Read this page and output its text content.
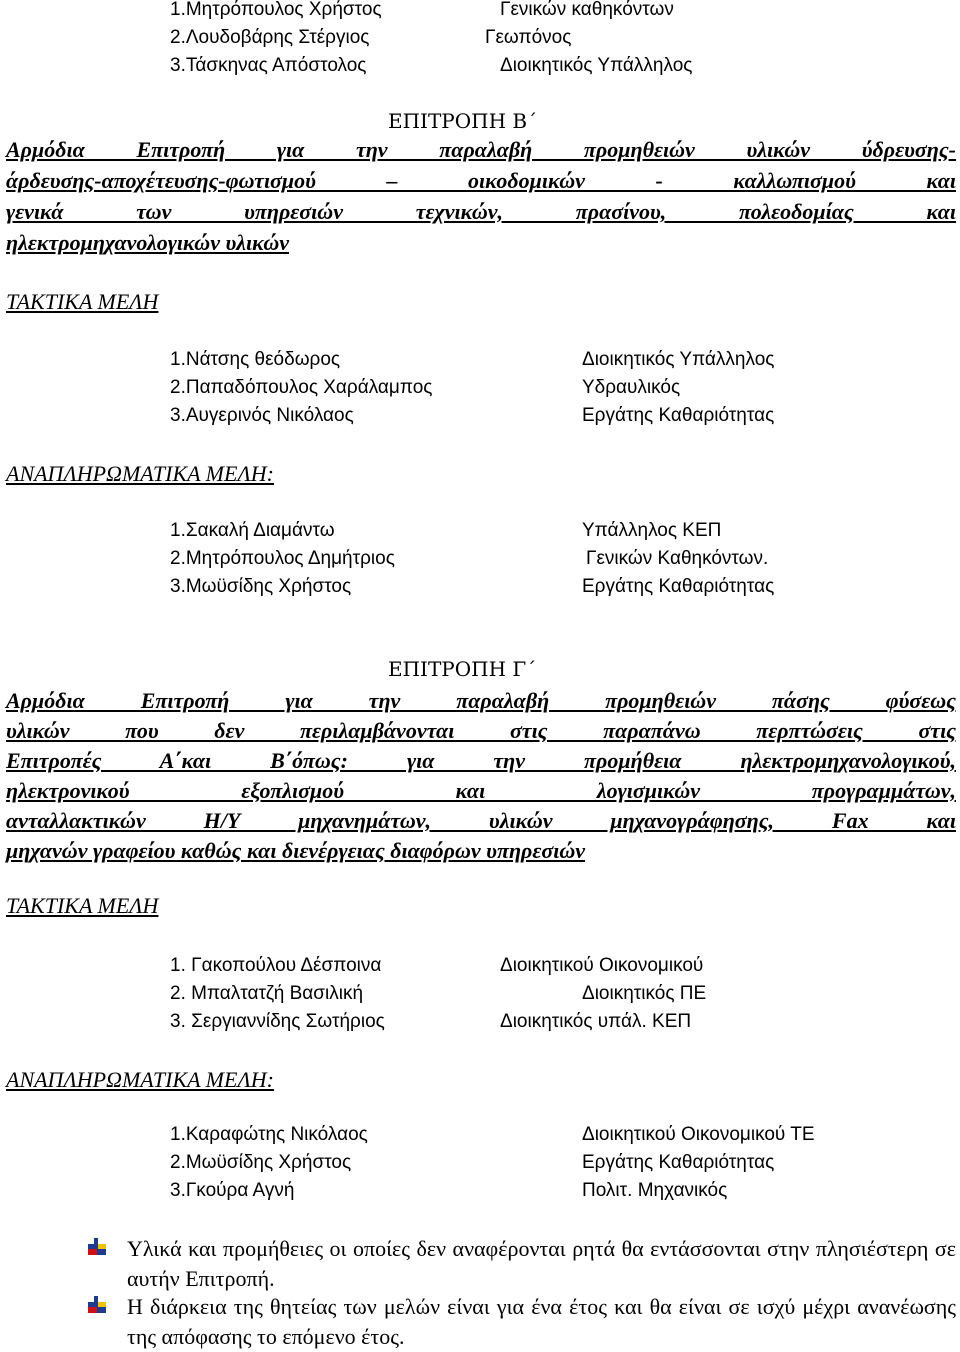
1.Μητρόπουλος Χρήστος	Γενικών καθηκόντων
2.Λουδοβάρης Στέργιος	Γεωπόνος
3.Τάσκηνας Απόστολος	Διοικητικός Υπάλληλος
ΕΠΙΤΡΟΠΗ Β΄
Αρμόδια Επιτροπή για την παραλαβή προμηθειών υλικών ύδρευσης-
άρδευσης-αποχέτευσης-φωτισμού – οικοδομικών - καλλωπισμού και
γενικά των υπηρεσιών τεχνικών, πρασίνου, πολεοδομίας και
ηλεκτρομηχανολογικών υλικών
ΤΑΚΤΙΚΑ ΜΕΛΗ
1.Νάτσης θεόδωρος	Διοικητικός Υπάλληλος
2.Παπαδόπουλος Χαράλαμπος	Υδραυλικός
3.Αυγερινός Νικόλαος	Εργάτης Καθαριότητας
ΑΝΑΠΛΗΡΩΜΑΤΙΚΑ ΜΕΛΗ:
1.Σακαλή Διαμάντω	Υπάλληλος ΚΕΠ
2.Μητρόπουλος Δημήτριος	Γενικών Καθηκόντων.
3.Μωϋσίδης Χρήστος	Εργάτης Καθαριότητας
ΕΠΙΤΡΟΠΗ Γ΄
Αρμόδια Επιτροπή για την παραλαβή προμηθειών πάσης φύσεως
υλικών που δεν περιλαμβάνονται στις παραπάνω περπτώσεις στις
Επιτροπές Α΄και Β΄όπως: για την προμήθεια ηλεκτρομηχανολογικού,
ηλεκτρονικού εξοπλισμού και λογισμικών προγραμμάτων,
ανταλλακτικών Η/Υ μηχανημάτων, υλικών μηχανογράφησης, Fax και
μηχανών γραφείου καθώς και διενέργειας διαφόρων υπηρεσιών
ΤΑΚΤΙΚΑ ΜΕΛΗ
1. Γακοπούλου Δέσποινα	Διοικητικού Οικονομικού
2. Μπαλτατζή Βασιλική	Διοικητικός ΠΕ
3. Σεργιαννίδης Σωτήριος	Διοικητικός υπάλ. ΚΕΠ
ΑΝΑΠΛΗΡΩΜΑΤΙΚΑ ΜΕΛΗ:
1.Καραφώτης Νικόλαος	Διοικητικού Οικονομικού ΤΕ
2.Μωϋσίδης Χρήστος	Εργάτης Καθαριότητας
3.Γκούρα Αγνή	Πολιτ. Μηχανικός
Υλικά και προμήθειες οι οποίες δεν αναφέρονται ρητά θα εντάσσονται στην πλησιέστερη σε αυτήν Επιτροπή.
Η διάρκεια της θητείας των μελών είναι για ένα έτος και θα είναι σε ισχύ μέχρι ανανέωσης της απόφασης το επόμενο έτος.
